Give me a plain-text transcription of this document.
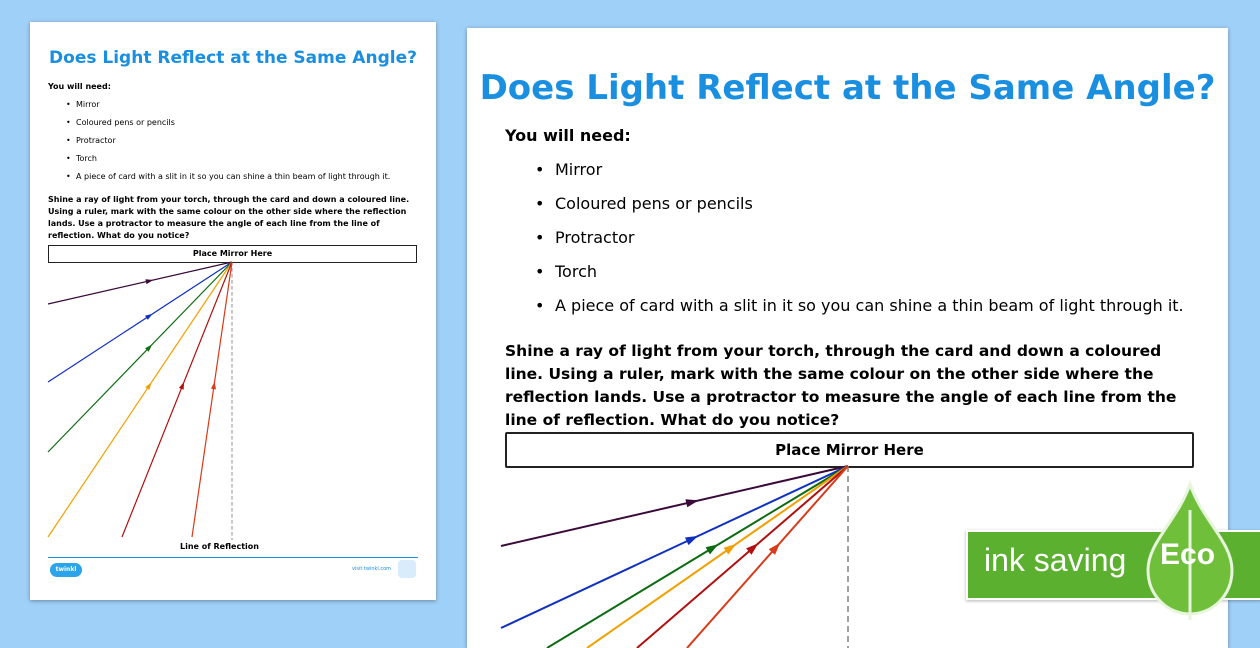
Does Light Reflect at the Same Angle?

You will need:

• Mirror
• Coloured pens or pencils
• Protractor
• Torch
• A piece of card with a slit in it so you can shine a thin beam of light through it.

Shine a ray of light from your torch, through the card and down a coloured line. Using a ruler, mark with the same colour on the other side where the reflection lands. Use a protractor to measure the angle of each line from the line of reflection. What do you notice?

Place Mirror Here
Line of Reflection
twinkl	visit twinkl.com
Does Light Reflect at the Same Angle?

You will need:

• Mirror
• Coloured pens or pencils
• Protractor
• Torch
• A piece of card with a slit in it so you can shine a thin beam of light through it.

Shine a ray of light from your torch, through the card and down a coloured line. Using a ruler, mark with the same colour on the other side where the reflection lands. Use a protractor to measure the angle of each line from the line of reflection. What do you notice?

Place Mirror Here
ink saving Eco
